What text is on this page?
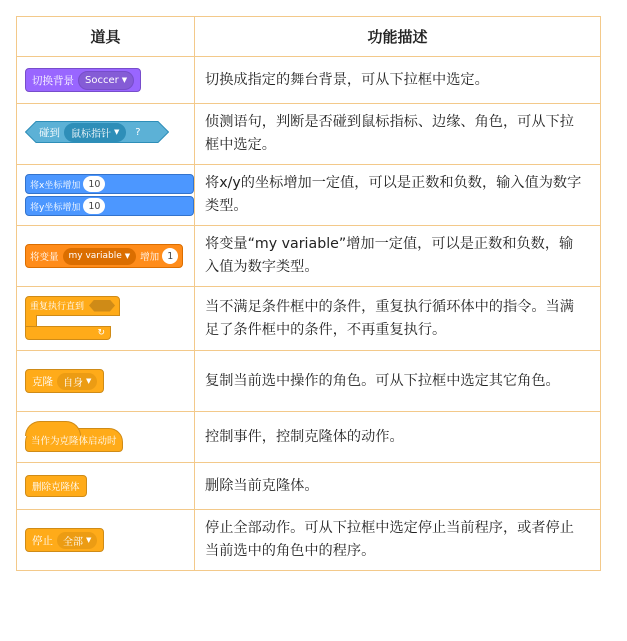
道具	功能描述

切换背景 Soccer ▼	切换成指定的舞台背景，可从下拉框中选定。

碰到 鼠标指针 ▼ ?	侦测语句，判断是否碰到鼠标指标、边缘、角色，可从下拉框中选定。

将x坐标增加 10
将y坐标增加 10	将x/y的坐标增加一定值，可以是正数和负数，输入值为数字类型。

将变量 my variable ▼ 增加 1	将变量“my variable”增加一定值，可以是正数和负数，输入值为数字类型。

重复执行直到
↻	当不满足条件框中的条件，重复执行循环体中的指令。当满足了条件框中的条件，不再重复执行。

克隆 自身 ▼	复制当前选中操作的角色。可从下拉框中选定其它角色。

当作为克隆体启动时	控制事件，控制克隆体的动作。

删除克隆体	删除当前克隆体。

停止 全部 ▼	停止全部动作。可从下拉框中选定停止当前程序，或者停止当前选中的角色中的程序。
